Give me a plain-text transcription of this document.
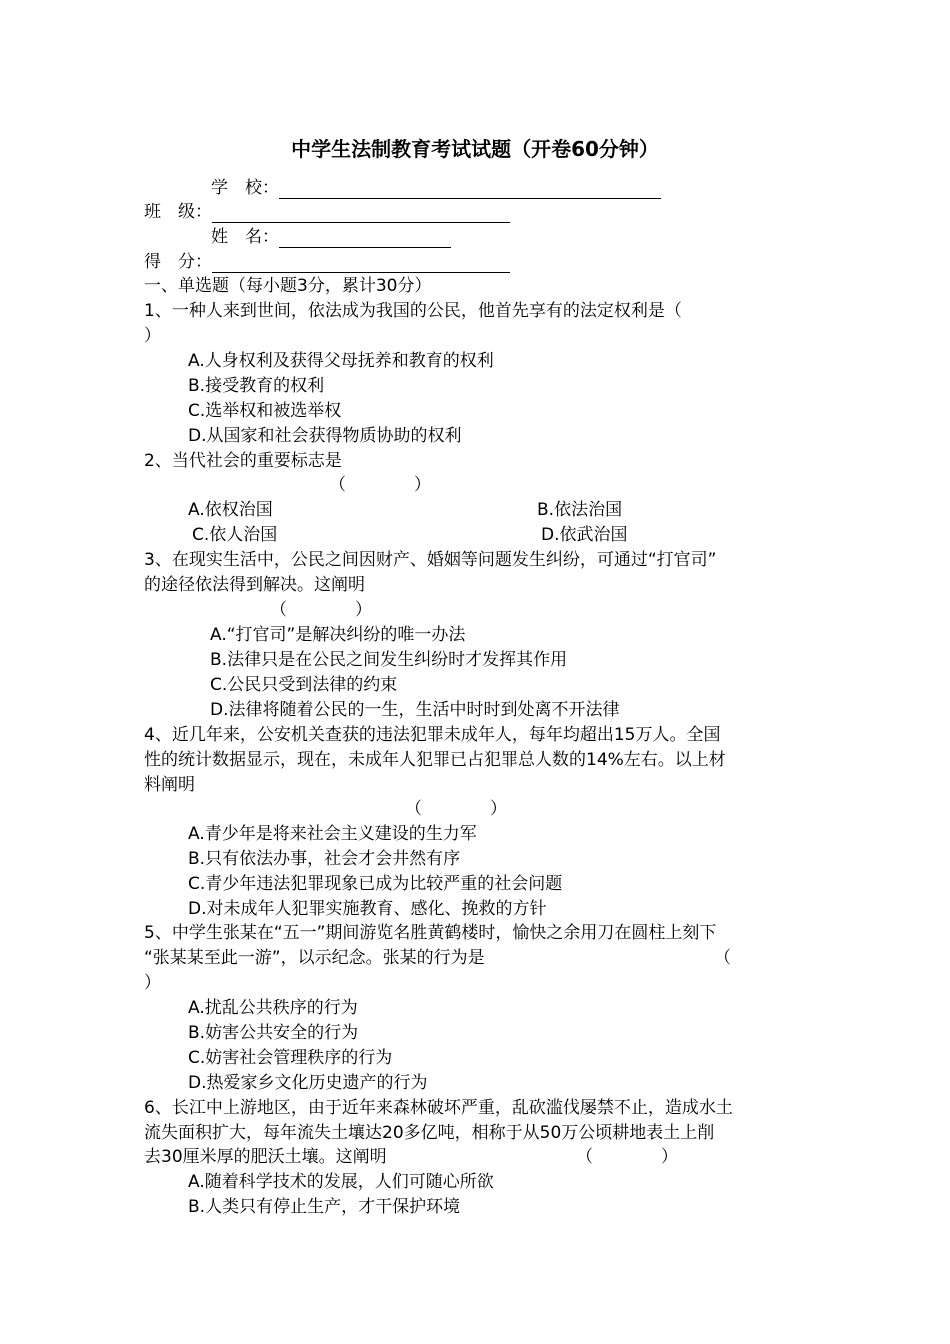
中学生法制教育考试试题（开卷60分钟）
学　校：
班　级：
姓　名：
得　分：
一、单选题（每小题3分，累计30分）
1、一种人来到世间，依法成为我国的公民，他首先享有的法定权利是（
）
A.人身权利及获得父母抚养和教育的权利
B.接受教育的权利
C.选举权和被选举权
D.从国家和社会获得物质协助的权利
2、当代社会的重要标志是
（　　　　）
A.依权治国	B.依法治国
C.依人治国	D.依武治国
3、在现实生活中，公民之间因财产、婚姻等问题发生纠纷，可通过“打官司”
的途径依法得到解决。这阐明
（　　　　）
A.“打官司”是解决纠纷的唯一办法
B.法律只是在公民之间发生纠纷时才发挥其作用
C.公民只受到法律的约束
D.法律将随着公民的一生，生活中时时到处离不开法律
4、近几年来，公安机关查获的违法犯罪未成年人，每年均超出15万人。全国
性的统计数据显示，现在，未成年人犯罪已占犯罪总人数的14%左右。以上材
料阐明
（　　　　）
A.青少年是将来社会主义建设的生力军
B.只有依法办事，社会才会井然有序
C.青少年违法犯罪现象已成为比较严重的社会问题
D.对未成年人犯罪实施教育、感化、挽救的方针
5、中学生张某在“五一”期间游览名胜黄鹤楼时，愉快之余用刀在圆柱上刻下
“张某某至此一游”，以示纪念。张某的行为是	（
）
A.扰乱公共秩序的行为
B.妨害公共安全的行为
C.妨害社会管理秩序的行为
D.热爱家乡文化历史遗产的行为
6、长江中上游地区，由于近年来森林破坏严重，乱砍滥伐屡禁不止，造成水土
流失面积扩大，每年流失土壤达20多亿吨，相称于从50万公顷耕地表土上削
去30厘米厚的肥沃土壤。这阐明	（　　　　）
A.随着科学技术的发展，人们可随心所欲
B.人类只有停止生产，才干保护环境
